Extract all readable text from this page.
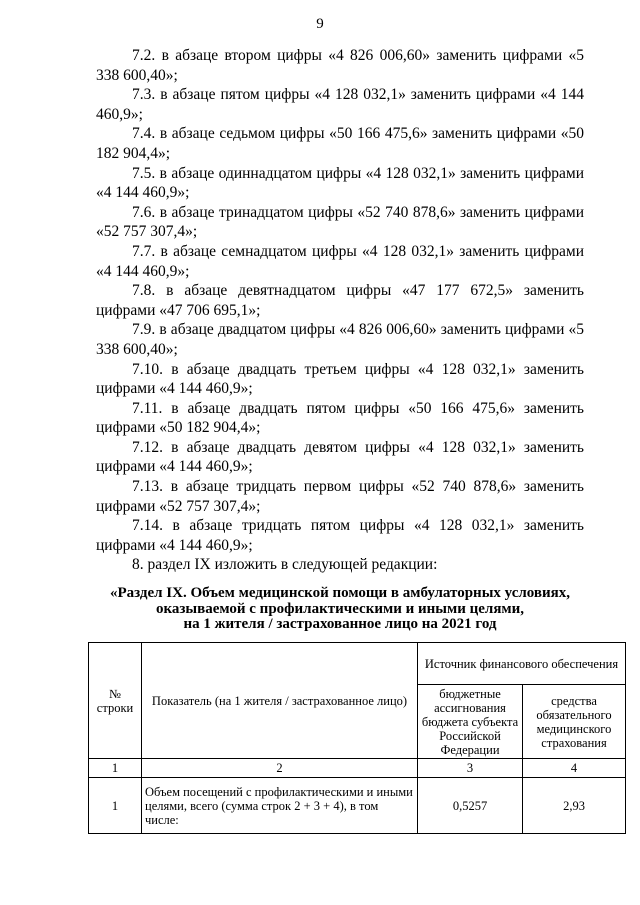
9

7.2. в абзаце втором цифры «4 826 006,60» заменить цифрами «5 338 600,40»;

7.3. в абзаце пятом цифры «4 128 032,1» заменить цифрами «4 144 460,9»;

7.4. в абзаце седьмом цифры «50 166 475,6» заменить цифрами «50 182 904,4»;

7.5. в абзаце одиннадцатом цифры «4 128 032,1» заменить цифрами «4 144 460,9»;

7.6. в абзаце тринадцатом цифры «52 740 878,6» заменить цифрами «52 757 307,4»;

7.7. в абзаце семнадцатом цифры «4 128 032,1» заменить цифрами «4 144 460,9»;

7.8. в абзаце девятнадцатом цифры «47 177 672,5» заменить цифрами «47 706 695,1»;

7.9. в абзаце двадцатом цифры «4 826 006,60» заменить цифрами «5 338 600,40»;

7.10. в абзаце двадцать третьем цифры «4 128 032,1» заменить цифрами «4 144 460,9»;

7.11. в абзаце двадцать пятом цифры «50 166 475,6» заменить цифрами «50 182 904,4»;

7.12. в абзаце двадцать девятом цифры «4 128 032,1» заменить цифрами «4 144 460,9»;

7.13. в абзаце тридцать первом цифры «52 740 878,6» заменить цифрами «52 757 307,4»;

7.14. в абзаце тридцать пятом цифры «4 128 032,1» заменить цифрами «4 144 460,9»;

8. раздел IX изложить в следующей редакции:

«Раздел IX. Объем медицинской помощи в амбулаторных условиях,
оказываемой с профилактическими и иными целями,
на 1 жителя / застрахованное лицо на 2021 год
№ строки	Показатель (на 1 жителя / застрахованное лицо)	Источник финансового обеспечения	
		бюджетные ассигнования бюджета субъекта Российской Федерации	средства обязательного медицинского страхования
1	2	3	4
1	Объем посещений с профилактическими и иными целями, всего (сумма строк 2 + 3 + 4), в том числе:	0,5257	2,93
